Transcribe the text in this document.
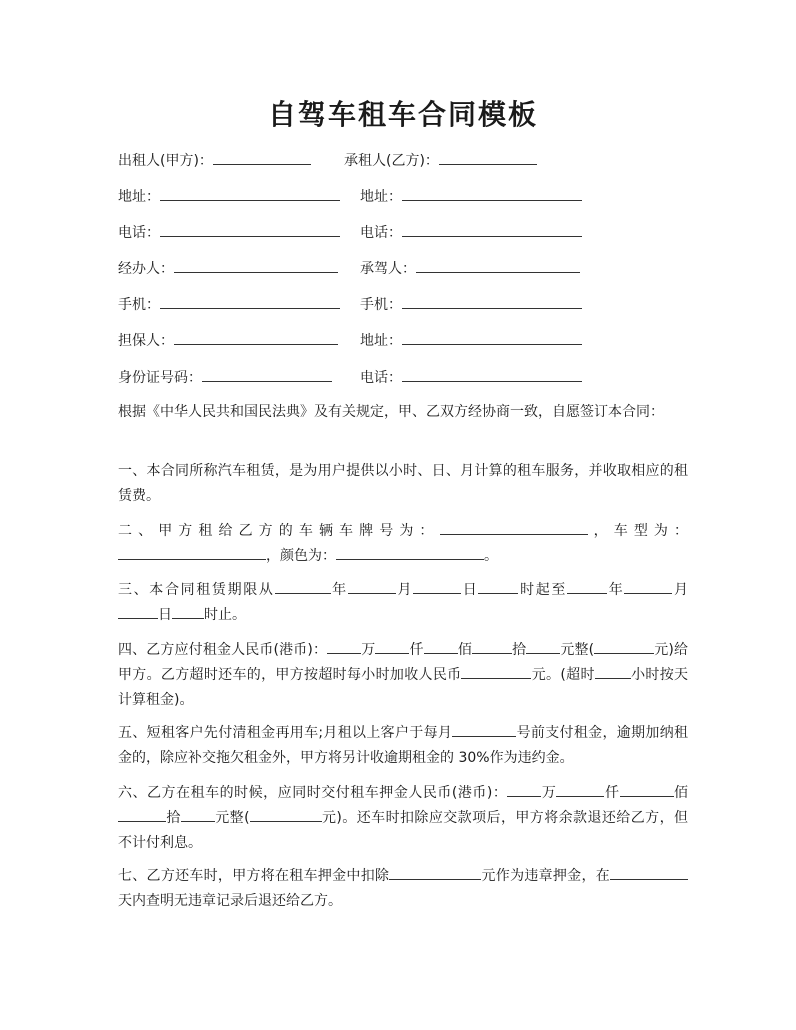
自驾车租车合同模板
出租人(甲方)：	承租人(乙方)：
地址：	地址：
电话：	电话：
经办人：	承驾人：
手机：	手机：
担保人：	地址：
身份证号码：	电话：

根据《中华人民共和国民法典》及有关规定，甲、乙双方经协商一致，自愿签订本合同：

一、本合同所称汽车租赁，是为用户提供以小时、日、月计算的租车服务，并收取相应的租赁费。

二、甲方租给乙方的车辆车牌号为：	，车型为：，颜色为：	。

三、本合同租赁期限从	年	月	日	时起至	年	月日 时止。

四、乙方应付租金人民币(港币)： 万 仟 佰	拾 元整(	元)给甲方。乙方超时还车的，甲方按超时每小时加收人民币	元。(超时	小时按天计算租金)。

五、短租客户先付清租金再用车;月租以上客户于每月	号前支付租金，逾期加纳租金的，除应补交拖欠租金外，甲方将另计收逾期租金的 30%作为违约金。

六、乙方在租车的时候，应同时交付租车押金人民币(港币)： 万	仟	佰拾 元整(	元)。还车时扣除应交款项后，甲方将余款退还给乙方，但不计付利息。

七、乙方还车时，甲方将在租车押金中扣除	元作为违章押金，在天内查明无违章记录后退还给乙方。
